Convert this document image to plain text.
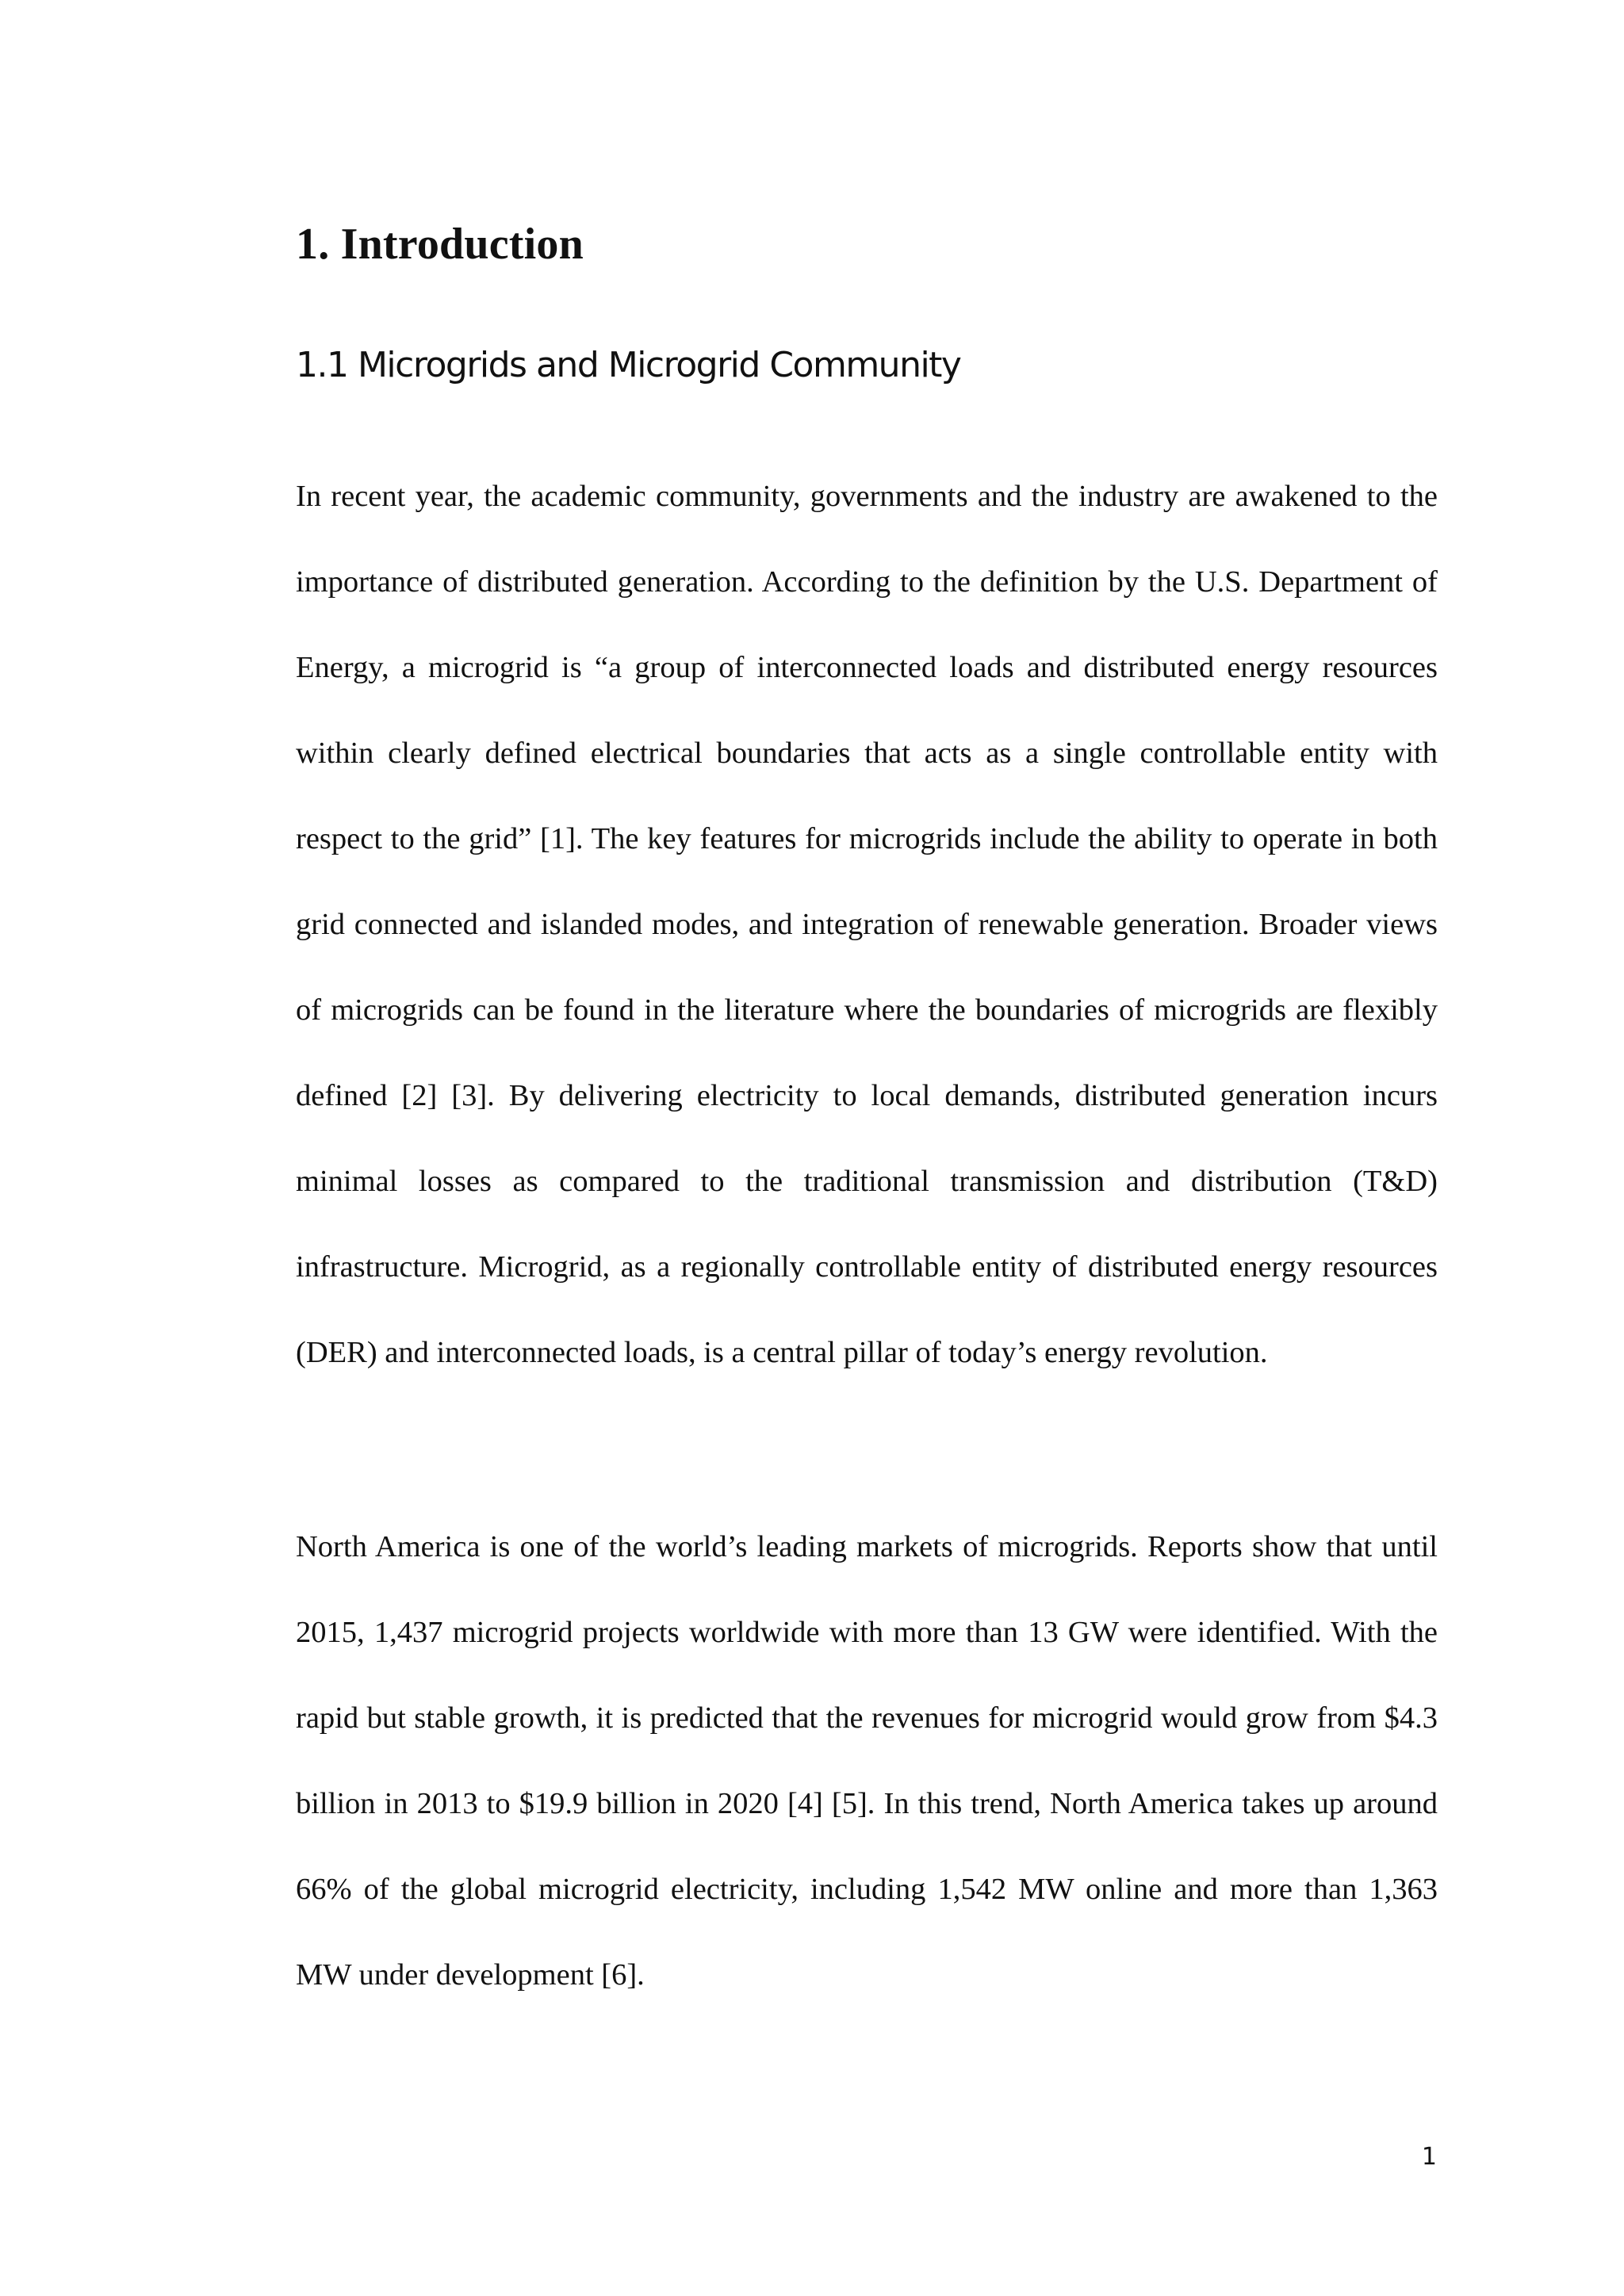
1. Introduction
1.1 Microgrids and Microgrid Community

In recent year, the academic community, governments and the industry are awakened to the importance of distributed generation. According to the definition by the U.S. Department of Energy, a microgrid is “a group of interconnected loads and distributed energy resources within clearly defined electrical boundaries that acts as a single controllable entity with respect to the grid” [1]. The key features for microgrids include the ability to operate in both grid connected and islanded modes, and integration of renewable generation. Broader views of microgrids can be found in the literature where the boundaries of microgrids are flexibly defined [2] [3]. By delivering electricity to local demands, distributed generation incurs minimal losses as compared to the traditional transmission and distribution (T&D) infrastructure. Microgrid, as a regionally controllable entity of distributed energy resources (DER) and interconnected loads, is a central pillar of today’s energy revolution.

North America is one of the world’s leading markets of microgrids. Reports show that until 2015, 1,437 microgrid projects worldwide with more than 13 GW were identified. With the rapid but stable growth, it is predicted that the revenues for microgrid would grow from $4.3 billion in 2013 to $19.9 billion in 2020 [4] [5]. In this trend, North America takes up around 66% of the global microgrid electricity, including 1,542 MW online and more than 1,363 MW under development [6].

1
